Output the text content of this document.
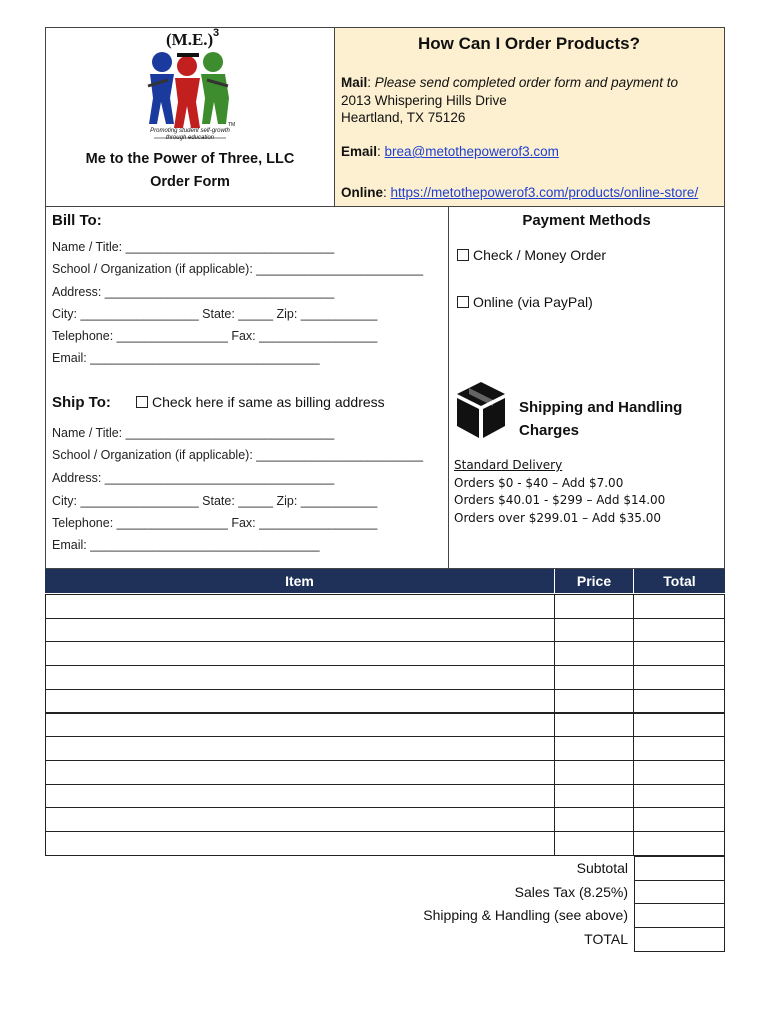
(M.E.) 3
TM
Promoting student self-growth through education
Me to the Power of Three, LLC
Order Form
How Can I Order Products?
Mail: Please send completed order form and payment to
2013 Whispering Hills Drive
Heartland, TX 75126
Email: brea@metothepowerof3.com
Online: https://metothepowerof3.com/products/online-store/
Bill To:
Name / Title: ______________________________
School / Organization (if applicable): ________________________
Address: _________________________________
City: _________________ State: _____ Zip: ___________
Telephone: ________________ Fax: _________________
Email: _________________________________
Ship To:	Check here if same as billing address
Name / Title: ______________________________
School / Organization (if applicable): ________________________
Address: _________________________________
City: _________________ State: _____ Zip: ___________
Telephone: ________________ Fax: _________________
Email: _________________________________
Payment Methods
Check / Money Order
Online (via PayPal)
Shipping and Handling
Charges
Standard Delivery
Orders $0 - $40 – Add $7.00
Orders $40.01 - $299 – Add $14.00
Orders over $299.01 – Add $35.00
Item	Price	Total
Subtotal
Sales Tax (8.25%)
Shipping & Handling (see above)
TOTAL
